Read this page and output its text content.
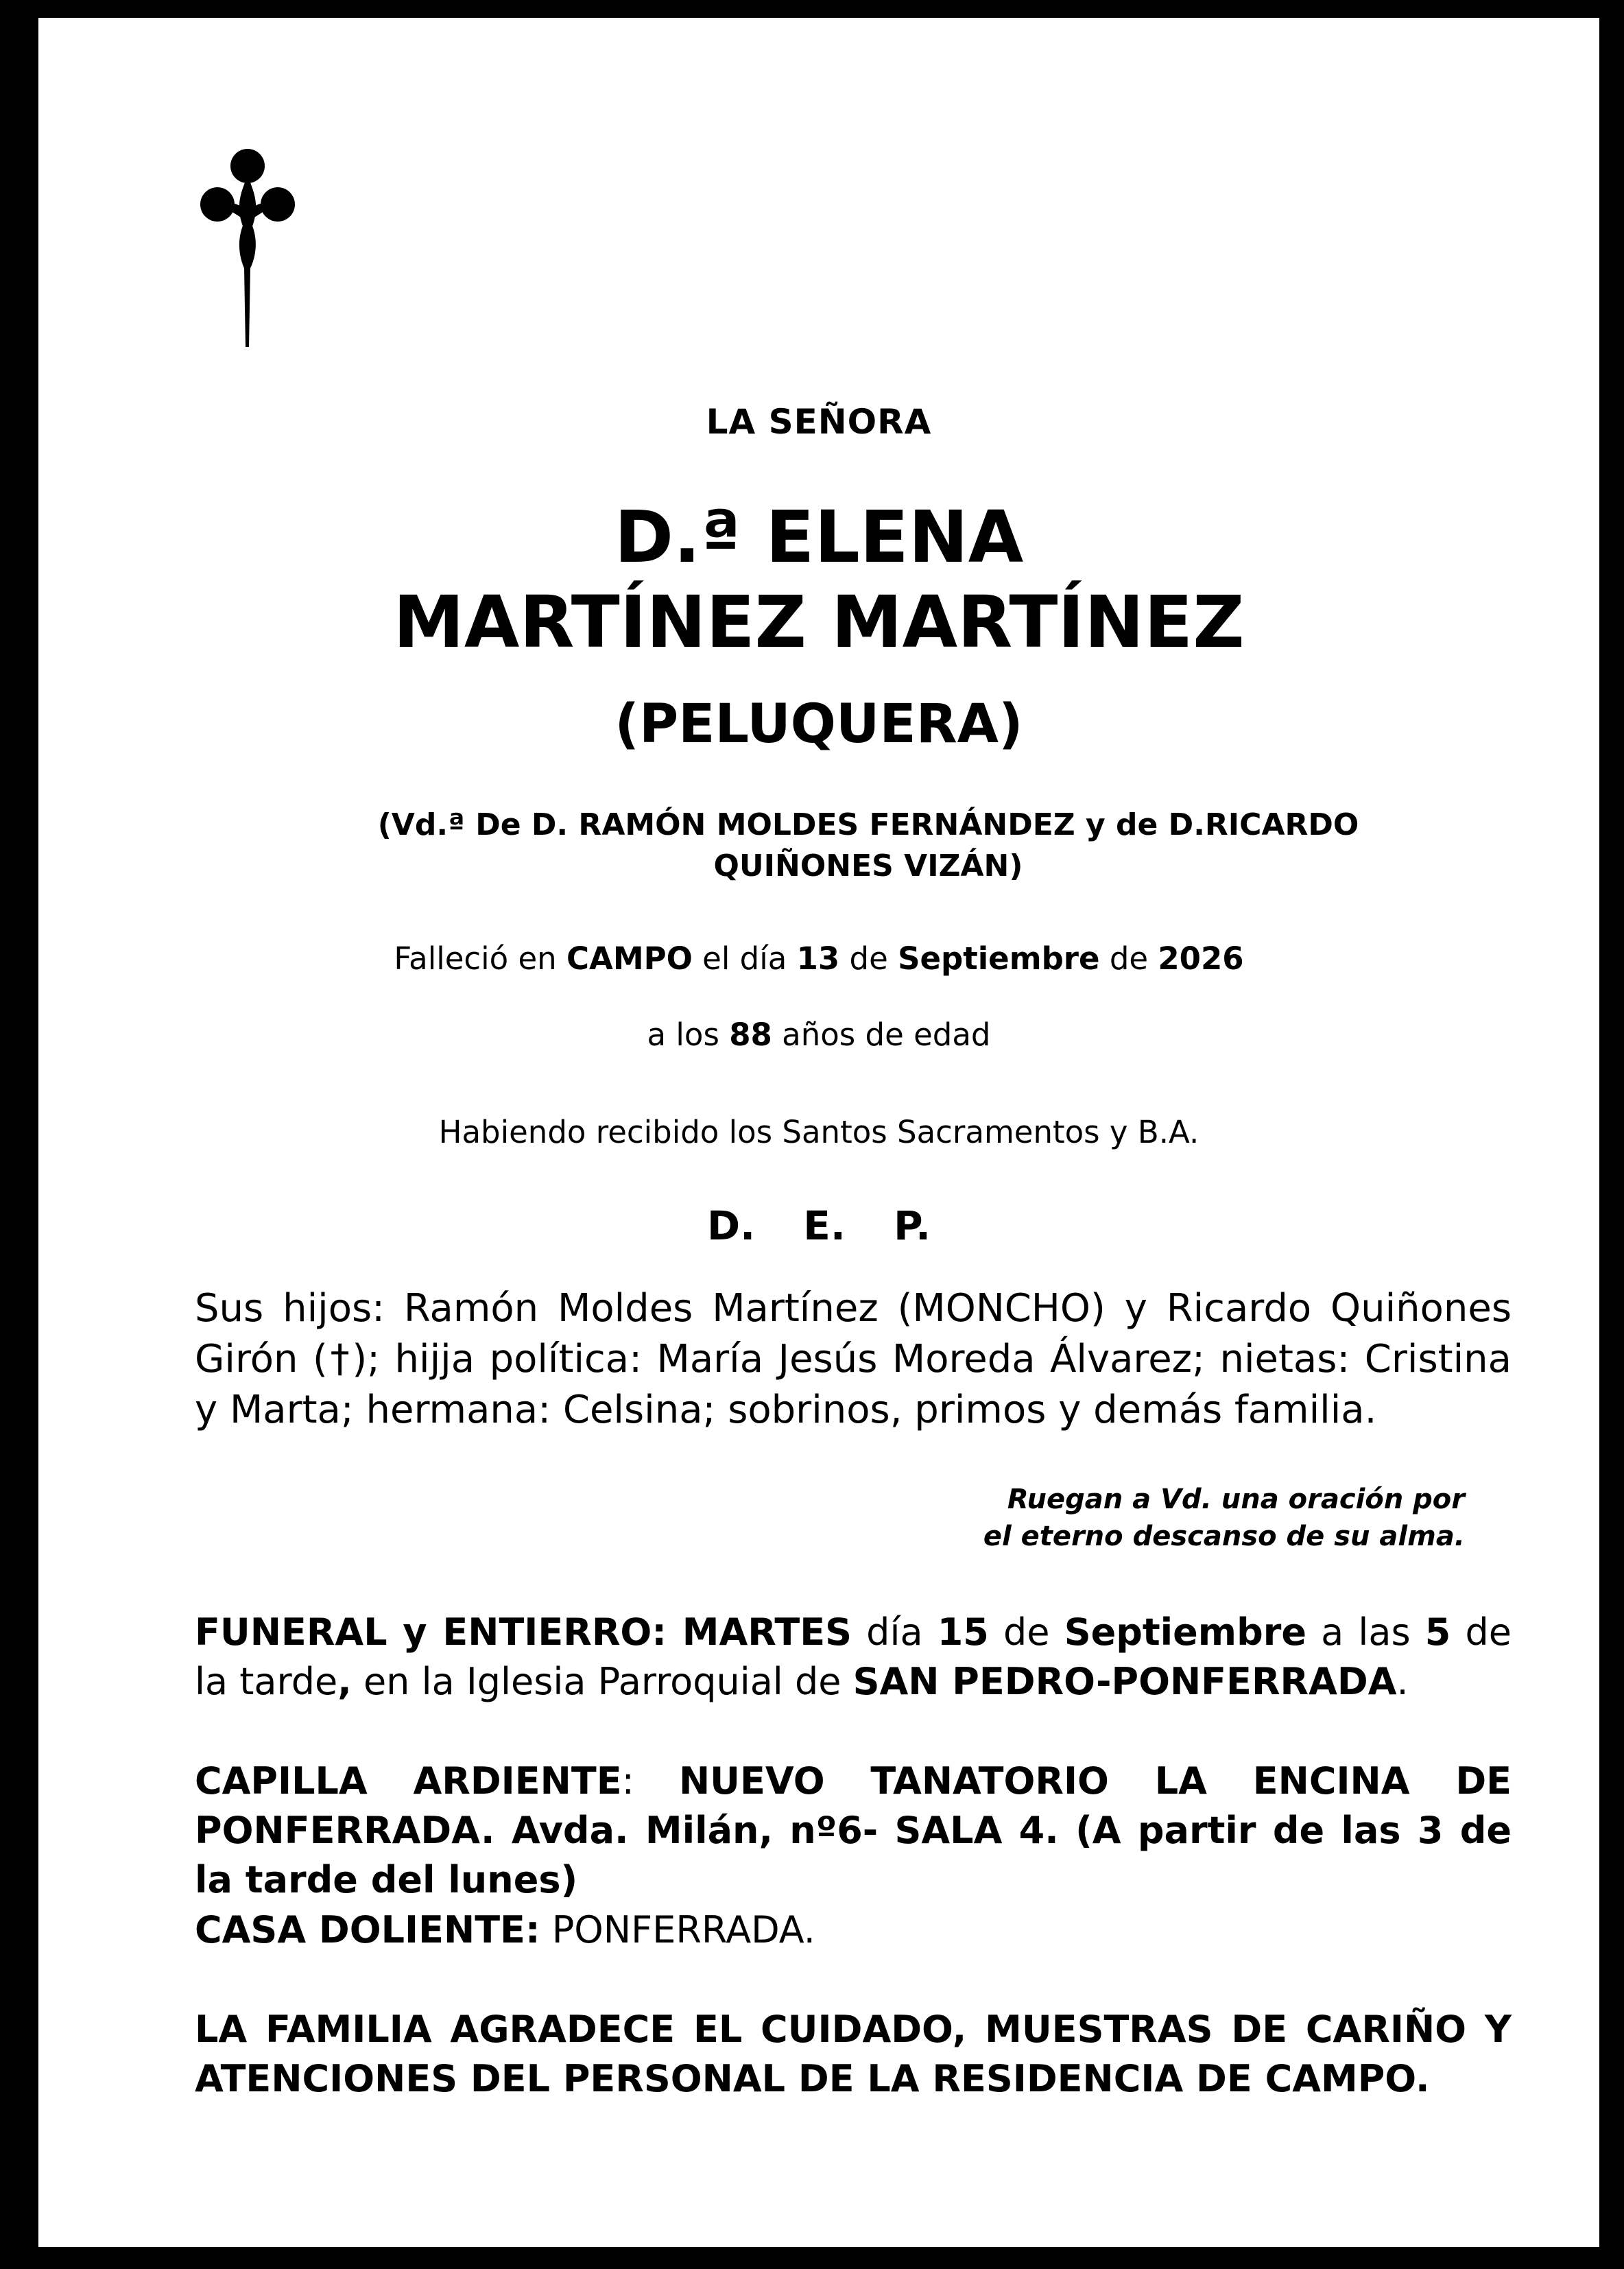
LA SEÑORA
D.ª ELENA
MARTÍNEZ MARTÍNEZ
(PELUQUERA)
(Vd.ª De D. RAMÓN MOLDES FERNÁNDEZ y de D.RICARDO
QUIÑONES VIZÁN)
Falleció en CAMPO el día 13 de Septiembre de 2026
a los 88 años de edad
Habiendo recibido los Santos Sacramentos y B.A.
D. E. P.
Sus hijos: Ramón Moldes Martínez (MONCHO) y Ricardo Quiñones Girón (†); hijja política: María Jesús Moreda Álvarez; nietas: Cristina y Marta; hermana: Celsina; sobrinos, primos y demás familia.
Ruegan a Vd. una oración por
el eterno descanso de su alma.
FUNERAL y ENTIERRO: MARTES día 15 de Septiembre a las 5 de la tarde, en la Iglesia Parroquial de SAN PEDRO-PONFERRADA.
CAPILLA ARDIENTE: NUEVO TANATORIO LA ENCINA DE PONFERRADA. Avda. Milán, nº6- SALA 4. (A partir de las 3 de la tarde del lunes)
CASA DOLIENTE: PONFERRADA.
LA FAMILIA AGRADECE EL CUIDADO, MUESTRAS DE CARIÑO Y ATENCIONES DEL PERSONAL DE LA RESIDENCIA DE CAMPO.
